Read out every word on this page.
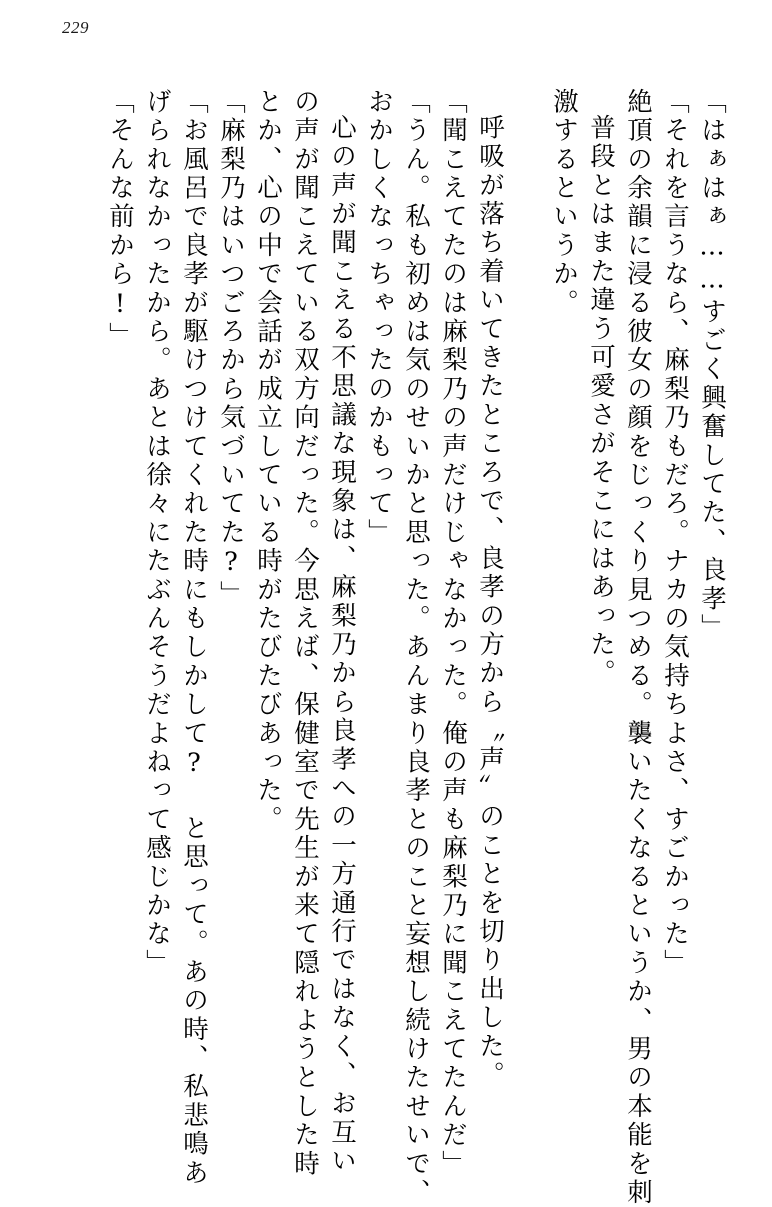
229
「はぁはぁ……すごく興奮してた、良孝」
「それを言うなら、麻梨乃もだろ。ナカの気持ちよさ、すごかった」
絶頂の余韻に浸る彼女の顔をじっくり見つめる。襲いたくなるというか、男の本能を刺
普段とはまた違う可愛さがそこにはあった。
激するというか。
呼吸が落ち着いてきたところで、良孝の方から〝声〟のことを切り出した。
「聞こえてたのは麻梨乃の声だけじゃなかった。俺の声も麻梨乃に聞こえてたんだ」
「うん。私も初めは気のせいかと思った。あんまり良孝とのこと妄想し続けたせいで、
おかしくなっちゃったのかもって」
心の声が聞こえる不思議な現象は、麻梨乃から良孝への一方通行ではなく、お互い
の声が聞こえている双方向だった。今思えば、保健室で先生が来て隠れようとした時
とか、心の中で会話が成立している時がたびたびあった。
「麻梨乃はいつごろから気づいてた?」
「お風呂で良孝が駆けつけてくれた時にもしかして? と思って。あの時、私悲鳴あ
げられなかったから。あとは徐々にたぶんそうだよねって感じかな」
「そんな前から!」
